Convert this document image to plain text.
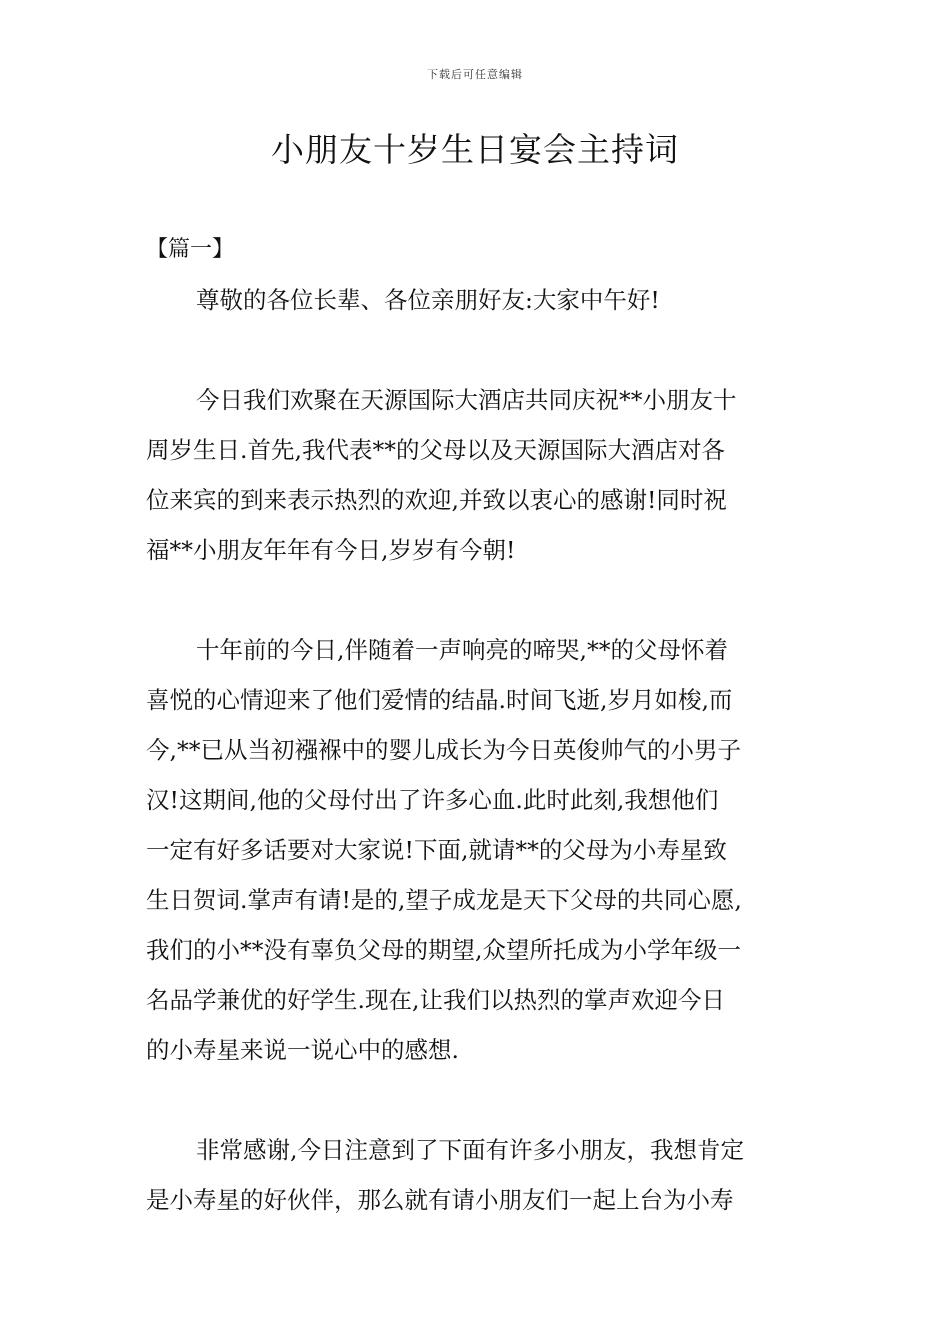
下载后可任意编辑
小朋友十岁生日宴会主持词
【篇一】
尊敬的各位长辈、各位亲朋好友:大家中午好!
今日我们欢聚在天源国际大酒店共同庆祝**小朋友十
周岁生日.首先,我代表**的父母以及天源国际大酒店对各
位来宾的到来表示热烈的欢迎,并致以衷心的感谢!同时祝
福**小朋友年年有今日,岁岁有今朝!
十年前的今日,伴随着一声响亮的啼哭,**的父母怀着
喜悦的心情迎来了他们爱情的结晶.时间飞逝,岁月如梭,而
今,**已从当初襁褓中的婴儿成长为今日英俊帅气的小男子
汉!这期间,他的父母付出了许多心血.此时此刻,我想他们
一定有好多话要对大家说!下面,就请**的父母为小寿星致
生日贺词.掌声有请!是的,望子成龙是天下父母的共同心愿,
我们的小**没有辜负父母的期望,众望所托成为小学年级一
名品学兼优的好学生.现在,让我们以热烈的掌声欢迎今日
的小寿星来说一说心中的感想.
非常感谢,今日注意到了下面有许多小朋友，我想肯定
是小寿星的好伙伴，那么就有请小朋友们一起上台为小寿
